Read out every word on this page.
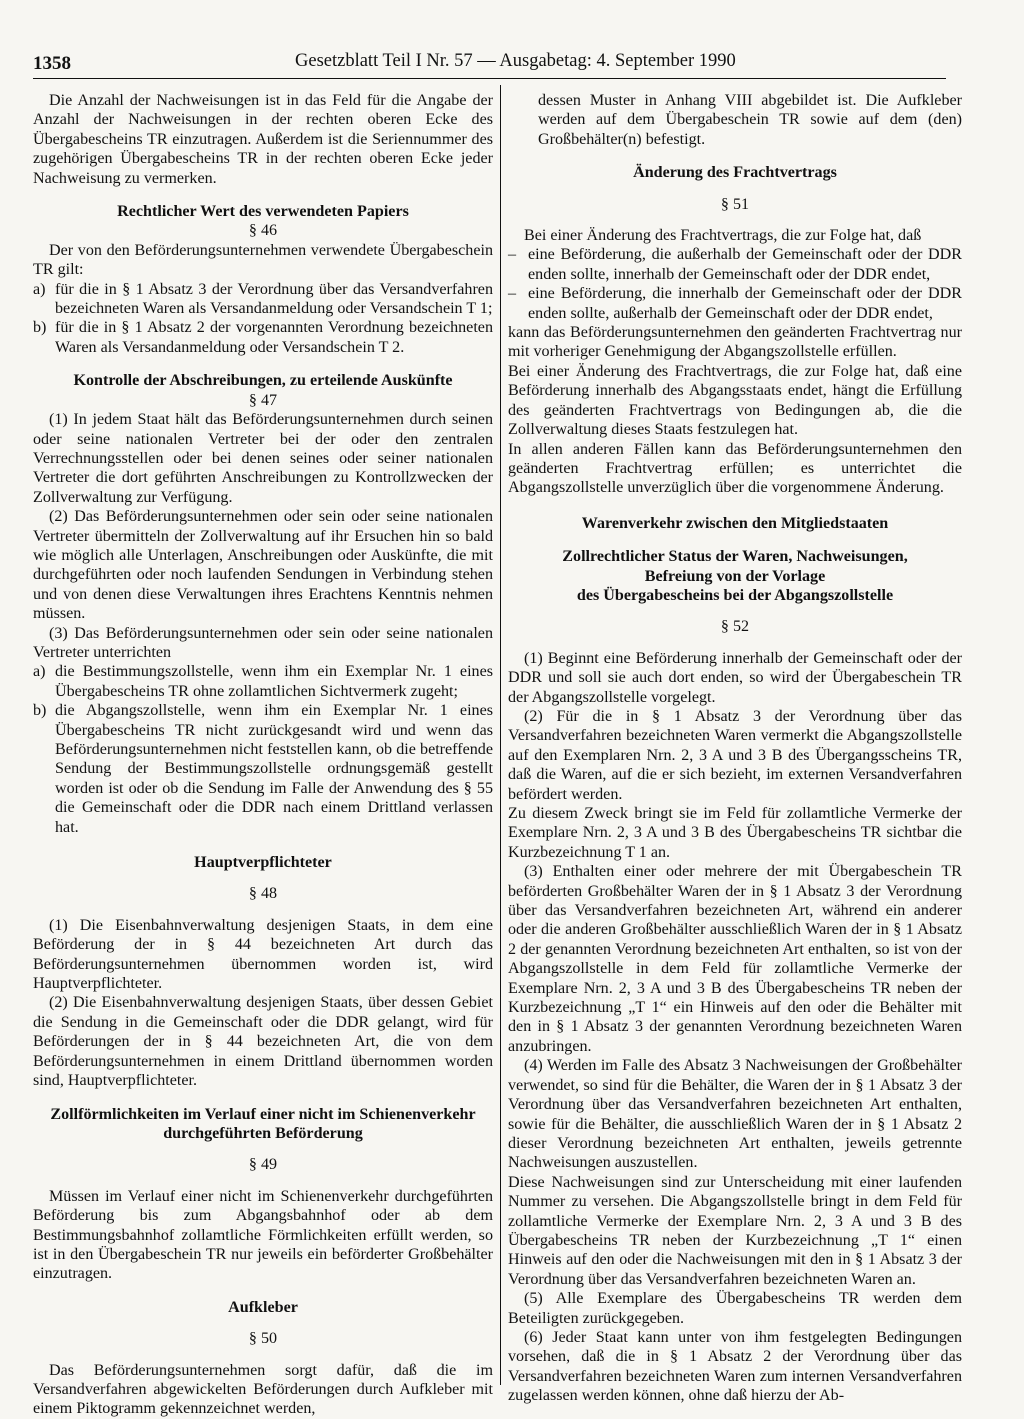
1358	Gesetzblatt Teil I Nr. 57 — Ausgabetag: 4. September 1990

Die Anzahl der Nachweisungen ist in das Feld für die Angabe der Anzahl der Nachweisungen in der rechten oberen Ecke des Übergabescheins TR einzutragen. Außerdem ist die Seriennummer des zugehörigen Übergabescheins TR in der rechten oberen Ecke jeder Nachweisung zu vermerken.

Rechtlicher Wert des verwendeten Papiers

§ 46

Der von den Beförderungsunternehmen verwendete Übergabeschein TR gilt:

a) für die in § 1 Absatz 3 der Verordnung über das Versandverfahren bezeichneten Waren als Versandanmeldung oder Versandschein T 1;
b) für die in § 1 Absatz 2 der vorgenannten Verordnung bezeichneten Waren als Versandanmeldung oder Versandschein T 2.

Kontrolle der Abschreibungen, zu erteilende Auskünfte

§ 47

(1) In jedem Staat hält das Beförderungsunternehmen durch seinen oder seine nationalen Vertreter bei der oder den zentralen Verrechnungsstellen oder bei denen seines oder seiner nationalen Vertreter die dort geführten Anschreibungen zu Kontrollzwecken der Zollverwaltung zur Verfügung.

(2) Das Beförderungsunternehmen oder sein oder seine nationalen Vertreter übermitteln der Zollverwaltung auf ihr Ersuchen hin so bald wie möglich alle Unterlagen, Anschreibungen oder Auskünfte, die mit durchgeführten oder noch laufenden Sendungen in Verbindung stehen und von denen diese Verwaltungen ihres Erachtens Kenntnis nehmen müssen.

(3) Das Beförderungsunternehmen oder sein oder seine nationalen Vertreter unterrichten

a) die Bestimmungszollstelle, wenn ihm ein Exemplar Nr. 1 eines Übergabescheins TR ohne zollamtlichen Sichtvermerk zugeht;
b) die Abgangszollstelle, wenn ihm ein Exemplar Nr. 1 eines Übergabescheins TR nicht zurückgesandt wird und wenn das Beförderungsunternehmen nicht feststellen kann, ob die betreffende Sendung der Bestimmungszollstelle ordnungsgemäß gestellt worden ist oder ob die Sendung im Falle der Anwendung des § 55 die Gemeinschaft oder die DDR nach einem Drittland verlassen hat.

Hauptverpflichteter

§ 48

(1) Die Eisenbahnverwaltung desjenigen Staats, in dem eine Beförderung der in § 44 bezeichneten Art durch das Beförderungsunternehmen übernommen worden ist, wird Hauptverpflichteter.

(2) Die Eisenbahnverwaltung desjenigen Staats, über dessen Gebiet die Sendung in die Gemeinschaft oder die DDR gelangt, wird für Beförderungen der in § 44 bezeichneten Art, die von dem Beförderungsunternehmen in einem Drittland übernommen worden sind, Hauptverpflichteter.

Zollförmlichkeiten im Verlauf einer nicht im Schienenverkehr

durchgeführten Beförderung

§ 49

Müssen im Verlauf einer nicht im Schienenverkehr durchgeführten Beförderung bis zum Abgangsbahnhof oder ab dem Bestimmungsbahnhof zollamtliche Förmlichkeiten erfüllt werden, so ist in den Übergabeschein TR nur jeweils ein beförderter Großbehälter einzutragen.

Aufkleber

§ 50

Das Beförderungsunternehmen sorgt dafür, daß die im Versandverfahren abgewickelten Beförderungen durch Aufkleber mit einem Piktogramm gekennzeichnet werden,

dessen Muster in Anhang VIII abgebildet ist. Die Aufkleber werden auf dem Übergabeschein TR sowie auf dem (den) Großbehälter(n) befestigt.

Änderung des Frachtvertrags

§ 51

Bei einer Änderung des Frachtvertrags, die zur Folge hat, daß

– eine Beförderung, die außerhalb der Gemeinschaft oder der DDR enden sollte, innerhalb der Gemeinschaft oder der DDR endet,
– eine Beförderung, die innerhalb der Gemeinschaft oder der DDR enden sollte, außerhalb der Gemeinschaft oder der DDR endet,

kann das Beförderungsunternehmen den geänderten Frachtvertrag nur mit vorheriger Genehmigung der Abgangszollstelle erfüllen.

Bei einer Änderung des Frachtvertrags, die zur Folge hat, daß eine Beförderung innerhalb des Abgangsstaats endet, hängt die Erfüllung des geänderten Frachtvertrags von Bedingungen ab, die die Zollverwaltung dieses Staats festzulegen hat.

In allen anderen Fällen kann das Beförderungsunternehmen den geänderten Frachtvertrag erfüllen; es unterrichtet die Abgangszollstelle unverzüglich über die vorgenommene Änderung.

Warenverkehr zwischen den Mitgliedstaaten

Zollrechtlicher Status der Waren, Nachweisungen,

Befreiung von der Vorlage

des Übergabescheins bei der Abgangszollstelle

§ 52

(1) Beginnt eine Beförderung innerhalb der Gemeinschaft oder der DDR und soll sie auch dort enden, so wird der Übergabeschein TR der Abgangszollstelle vorgelegt.

(2) Für die in § 1 Absatz 3 der Verordnung über das Versandverfahren bezeichneten Waren vermerkt die Abgangszollstelle auf den Exemplaren Nrn. 2, 3 A und 3 B des Übergangsscheins TR, daß die Waren, auf die er sich bezieht, im externen Versandverfahren befördert werden.

Zu diesem Zweck bringt sie im Feld für zollamtliche Vermerke der Exemplare Nrn. 2, 3 A und 3 B des Übergabescheins TR sichtbar die Kurzbezeichnung T 1 an.

(3) Enthalten einer oder mehrere der mit Übergabeschein TR beförderten Großbehälter Waren der in § 1 Absatz 3 der Verordnung über das Versandverfahren bezeichneten Art, während ein anderer oder die anderen Großbehälter ausschließlich Waren der in § 1 Absatz 2 der genannten Verordnung bezeichneten Art enthalten, so ist von der Abgangszollstelle in dem Feld für zollamtliche Vermerke der Exemplare Nrn. 2, 3 A und 3 B des Übergabescheins TR neben der Kurzbezeichnung „T 1“ ein Hinweis auf den oder die Behälter mit den in § 1 Absatz 3 der genannten Verordnung bezeichneten Waren anzubringen.

(4) Werden im Falle des Absatz 3 Nachweisungen der Großbehälter verwendet, so sind für die Behälter, die Waren der in § 1 Absatz 3 der Verordnung über das Versandverfahren bezeichneten Art enthalten, sowie für die Behälter, die ausschließlich Waren der in § 1 Absatz 2 dieser Verordnung bezeichneten Art enthalten, jeweils getrennte Nachweisungen auszustellen.

Diese Nachweisungen sind zur Unterscheidung mit einer laufenden Nummer zu versehen. Die Abgangszollstelle bringt in dem Feld für zollamtliche Vermerke der Exemplare Nrn. 2, 3 A und 3 B des Übergabescheins TR neben der Kurzbezeichnung „T 1“ einen Hinweis auf den oder die Nachweisungen mit den in § 1 Absatz 3 der Verordnung über das Versandverfahren bezeichneten Waren an.

(5) Alle Exemplare des Übergabescheins TR werden dem Beteiligten zurückgegeben.

(6) Jeder Staat kann unter von ihm festgelegten Bedingungen vorsehen, daß die in § 1 Absatz 2 der Verordnung über das Versandverfahren bezeichneten Waren zum internen Versandverfahren zugelassen werden können, ohne daß hierzu der Ab-
